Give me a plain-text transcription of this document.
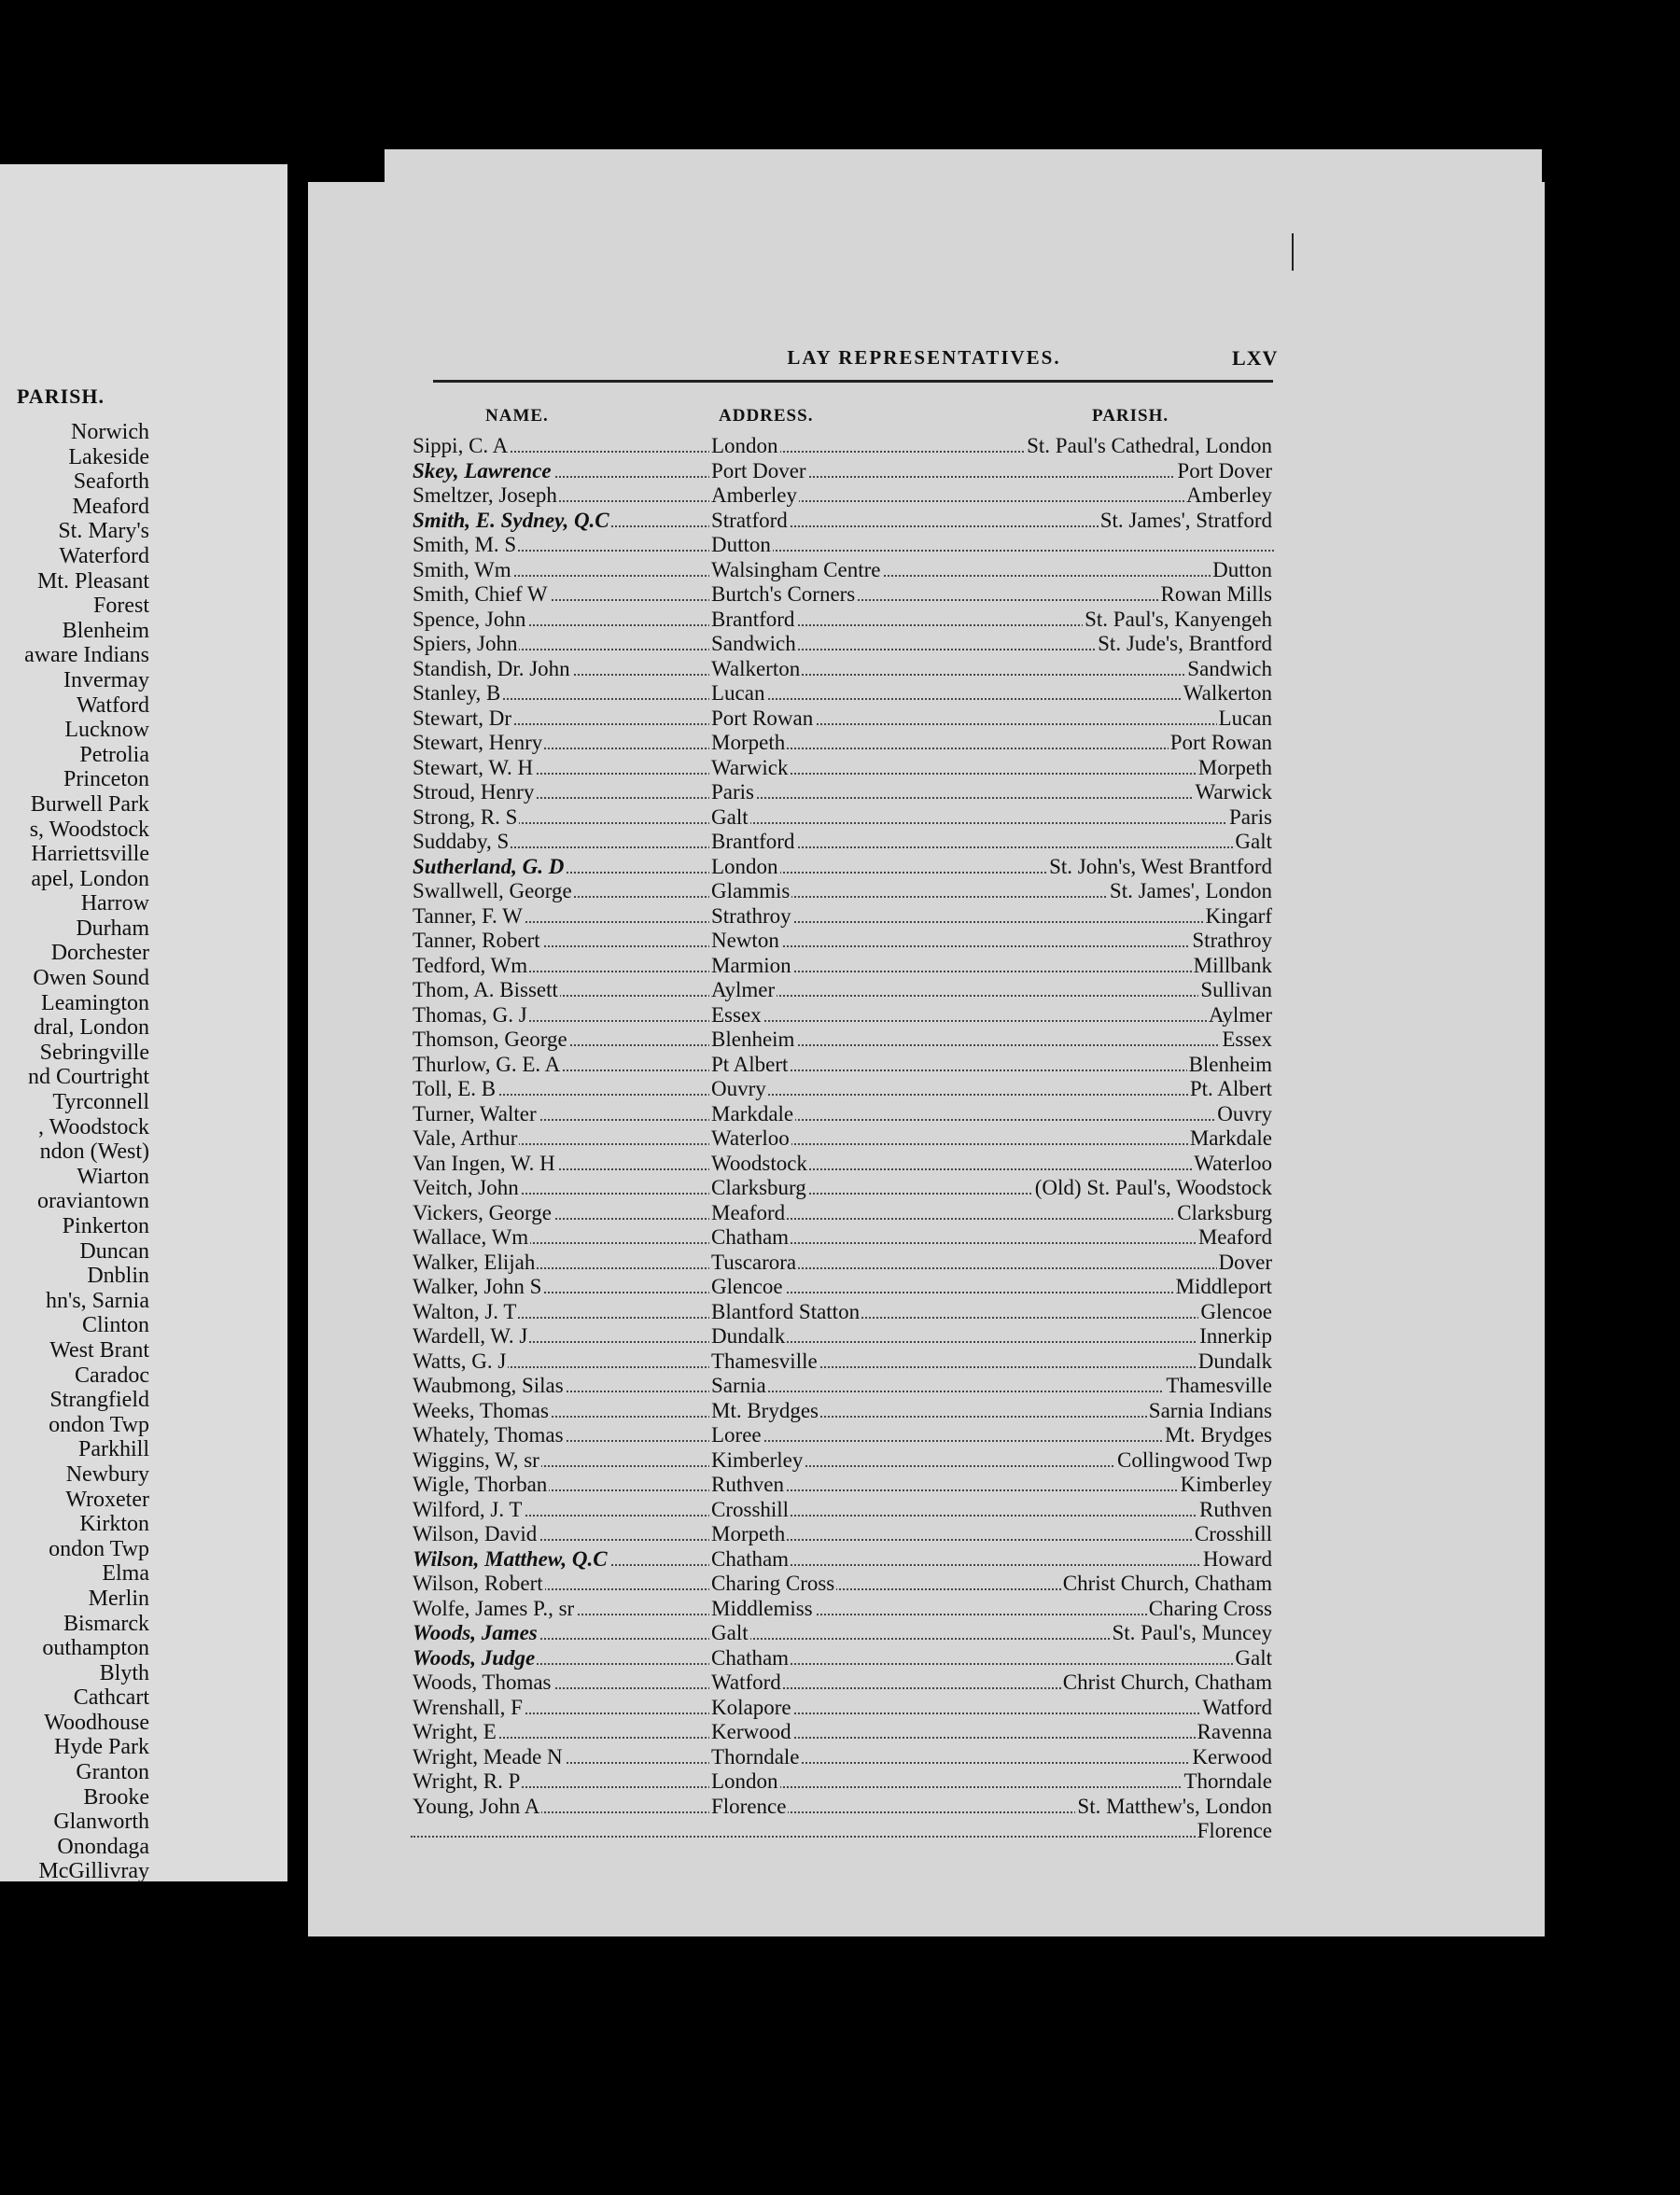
PARISH.
Norwich
Lakeside
Seaforth
Meaford
St. Mary's
Waterford
Mt. Pleasant
Forest
Blenheim
aware Indians
Invermay
Watford
Lucknow
Petrolia
Princeton
Burwell Park
s, Woodstock
Harriettsville
apel, London
Harrow
Durham
Dorchester
Owen Sound
Leamington
dral, London
Sebringville
nd Courtright
Tyrconnell
, Woodstock
ndon (West)
Wiarton
oraviantown
Pinkerton
Duncan
Dnblin
hn's, Sarnia
Clinton
West Brant
Caradoc
Strangfield
ondon Twp
Parkhill
Newbury
Wroxeter
Kirkton
ondon Twp
Elma
Merlin
Bismarck
outhampton
Blyth
Cathcart
Woodhouse
Hyde Park
Granton
Brooke
Glanworth
Onondaga
McGillivray
LAY REPRESENTATIVES.	LXV
NAME.	ADDRESS.	PARISH.
Sippi, C. A	London	St. Paul's Cathedral, London
Skey, Lawrence	Port Dover	Port Dover
Smeltzer, Joseph	Amberley	Amberley
Smith, E. Sydney, Q.C	Stratford	St. James', Stratford
Smith, M. S	Dutton
Smith, Wm	Walsingham Centre	Dutton
Smith, Chief W	Burtch's Corners	Rowan Mills
Spence, John	Brantford	St. Paul's, Kanyengeh
Spiers, John	Sandwich	St. Jude's, Brantford
Standish, Dr. John	Walkerton	Sandwich
Stanley, B	Lucan	Walkerton
Stewart, Dr	Port Rowan	Lucan
Stewart, Henry	Morpeth	Port Rowan
Stewart, W. H	Warwick	Morpeth
Stroud, Henry	Paris	Warwick
Strong, R. S	Galt	Paris
Suddaby, S	Brantford	Galt
Sutherland, G. D	London	St. John's, West Brantford
Swallwell, George	Glammis	St. James', London
Tanner, F. W	Strathroy	Kingarf
Tanner, Robert	Newton	Strathroy
Tedford, Wm	Marmion	Millbank
Thom, A. Bissett	Aylmer	Sullivan
Thomas, G. J	Essex	Aylmer
Thomson, George	Blenheim	Essex
Thurlow, G. E. A	Pt Albert	Blenheim
Toll, E. B	Ouvry	Pt. Albert
Turner, Walter	Markdale	Ouvry
Vale, Arthur	Waterloo	Markdale
Van Ingen, W. H	Woodstock	Waterloo
Veitch, John	Clarksburg	(Old) St. Paul's, Woodstock
Vickers, George	Meaford	Clarksburg
Wallace, Wm	Chatham	Meaford
Walker, Elijah	Tuscarora	Dover
Walker, John S	Glencoe	Middleport
Walton, J. T	Blantford Statton	Glencoe
Wardell, W. J	Dundalk	Innerkip
Watts, G. J	Thamesville	Dundalk
Waubmong, Silas	Sarnia	Thamesville
Weeks, Thomas	Mt. Brydges	Sarnia Indians
Whately, Thomas	Loree	Mt. Brydges
Wiggins, W, sr	Kimberley	Collingwood Twp
Wigle, Thorban	Ruthven	Kimberley
Wilford, J. T	Crosshill	Ruthven
Wilson, David	Morpeth	Crosshill
Wilson, Matthew, Q.C	Chatham	Howard
Wilson, Robert	Charing Cross	Christ Church, Chatham
Wolfe, James P., sr	Middlemiss	Charing Cross
Woods, James	Galt	St. Paul's, Muncey
Woods, Judge	Chatham	Galt
Woods, Thomas	Watford	Christ Church, Chatham
Wrenshall, F	Kolapore	Watford
Wright, E	Kerwood	Ravenna
Wright, Meade N	Thorndale	Kerwood
Wright, R. P	London	Thorndale
Young, John A	Florence	St. Matthew's, London
Florence
